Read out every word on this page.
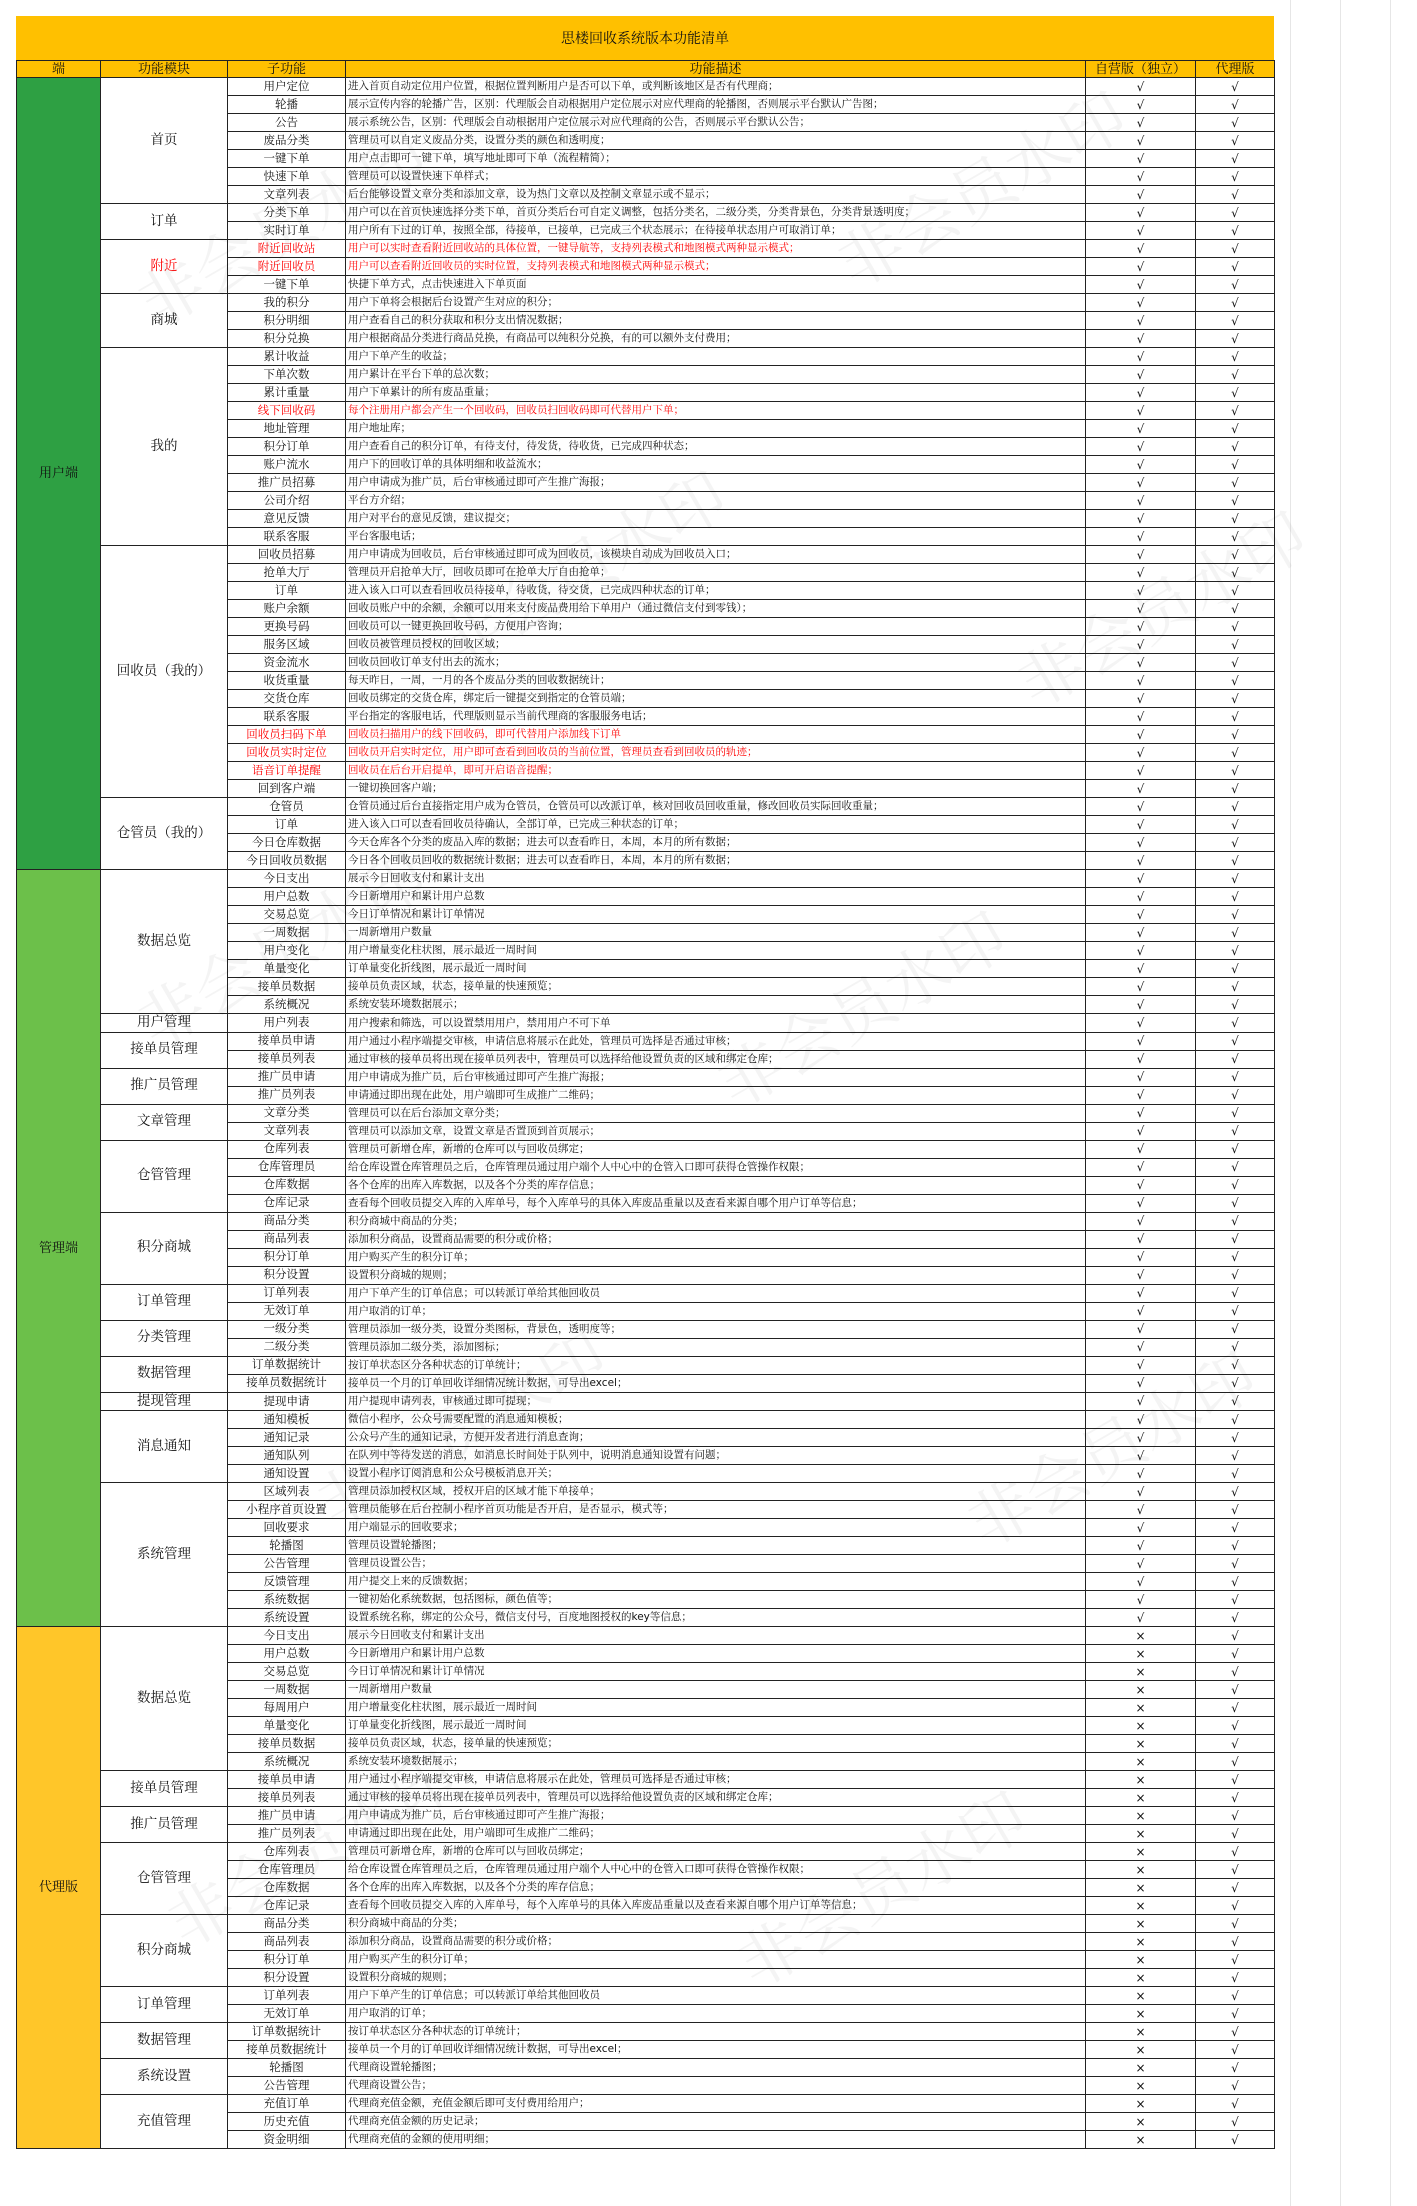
思楼回收系统版本功能清单
端	功能模块	子功能	功能描述	自营版（独立）	代理版
用户端	首页	用户定位	进入首页自动定位用户位置，根据位置判断用户是否可以下单，或判断该地区是否有代理商；	√	√
		轮播	展示宣传内容的轮播广告，区别：代理版会自动根据用户定位展示对应代理商的轮播图，否则展示平台默认广告图；	√	√
		公告	展示系统公告，区别：代理版会自动根据用户定位展示对应代理商的公告，否则展示平台默认公告；	√	√
		废品分类	管理员可以自定义废品分类，设置分类的颜色和透明度；	√	√
		一键下单	用户点击即可一键下单，填写地址即可下单（流程精简）；	√	√
		快速下单	管理员可以设置快速下单样式；	√	√
		文章列表	后台能够设置文章分类和添加文章，设为热门文章以及控制文章显示或不显示；	√	√
	订单	分类下单	用户可以在首页快速选择分类下单，首页分类后台可自定义调整，包括分类名，二级分类，分类背景色，分类背景透明度；	√	√
		实时订单	用户所有下过的订单，按照全部，待接单，已接单，已完成三个状态展示；在待接单状态用户可取消订单；	√	√
	附近	附近回收站	用户可以实时查看附近回收站的具体位置，一键导航等，支持列表模式和地图模式两种显示模式；	√	√
		附近回收员	用户可以查看附近回收员的实时位置，支持列表模式和地图模式两种显示模式；	√	√
		一键下单	快捷下单方式，点击快速进入下单页面	√	√
	商城	我的积分	用户下单将会根据后台设置产生对应的积分；	√	√
		积分明细	用户查看自己的积分获取和积分支出情况数据；	√	√
		积分兑换	用户根据商品分类进行商品兑换，有商品可以纯积分兑换，有的可以额外支付费用；	√	√
	我的	累计收益	用户下单产生的收益；	√	√
		下单次数	用户累计在平台下单的总次数；	√	√
		累计重量	用户下单累计的所有废品重量；	√	√
		线下回收码	每个注册用户都会产生一个回收码，回收员扫回收码即可代替用户下单；	√	√
		地址管理	用户地址库；	√	√
		积分订单	用户查看自己的积分订单，有待支付，待发货，待收货，已完成四种状态；	√	√
		账户流水	用户下的回收订单的具体明细和收益流水；	√	√
		推广员招募	用户申请成为推广员，后台审核通过即可产生推广海报；	√	√
		公司介绍	平台方介绍；	√	√
		意见反馈	用户对平台的意见反馈，建议提交；	√	√
		联系客服	平台客服电话；	√	√
	回收员（我的）	回收员招募	用户申请成为回收员，后台审核通过即可成为回收员，该模块自动成为回收员入口；	√	√
		抢单大厅	管理员开启抢单大厅，回收员即可在抢单大厅自由抢单；	√	√
		订单	进入该入口可以查看回收员待接单，待收货，待交货，已完成四种状态的订单；	√	√
		账户余额	回收员账户中的余额，余额可以用来支付废品费用给下单用户（通过微信支付到零钱）；	√	√
		更换号码	回收员可以一键更换回收号码，方便用户咨询；	√	√
		服务区域	回收员被管理员授权的回收区域；	√	√
		资金流水	回收员回收订单支付出去的流水；	√	√
		收货重量	每天昨日，一周，一月的各个废品分类的回收数据统计；	√	√
		交货仓库	回收员绑定的交货仓库，绑定后一键提交到指定的仓管员端；	√	√
		联系客服	平台指定的客服电话，代理版则显示当前代理商的客服服务电话；	√	√
		回收员扫码下单	回收员扫描用户的线下回收码，即可代替用户添加线下订单	√	√
		回收员实时定位	回收员开启实时定位，用户即可查看到回收员的当前位置，管理员查看到回收员的轨迹；	√	√
		语音订单提醒	回收员在后台开启提单，即可开启语音提醒；	√	√
		回到客户端	一键切换回客户端；	√	√
	仓管员（我的）	仓管员	仓管员通过后台直接指定用户成为仓管员，仓管员可以改派订单，核对回收员回收重量，修改回收员实际回收重量；	√	√
		订单	进入该入口可以查看回收员待确认，全部订单，已完成三种状态的订单；	√	√
		今日仓库数据	今天仓库各个分类的废品入库的数据；进去可以查看昨日，本周，本月的所有数据；	√	√
		今日回收员数据	今日各个回收员回收的数据统计数据；进去可以查看昨日，本周，本月的所有数据；	√	√
管理端	数据总览	今日支出	展示今日回收支付和累计支出	√	√
		用户总数	今日新增用户和累计用户总数	√	√
		交易总览	今日订单情况和累计订单情况	√	√
		一周数据	一周新增用户数量	√	√
		用户变化	用户增量变化柱状图，展示最近一周时间	√	√
		单量变化	订单量变化折线图，展示最近一周时间	√	√
		接单员数据	接单员负责区域，状态，接单量的快速预览；	√	√
		系统概况	系统安装环境数据展示；	√	√
	用户管理	用户列表	用户搜索和筛选，可以设置禁用用户，禁用用户不可下单	√	√
	接单员管理	接单员申请	用户通过小程序端提交审核，申请信息将展示在此处，管理员可选择是否通过审核；	√	√
		接单员列表	通过审核的接单员将出现在接单员列表中，管理员可以选择给他设置负责的区域和绑定仓库；	√	√
	推广员管理	推广员申请	用户申请成为推广员，后台审核通过即可产生推广海报；	√	√
		推广员列表	申请通过即出现在此处，用户端即可生成推广二维码；	√	√
	文章管理	文章分类	管理员可以在后台添加文章分类；	√	√
		文章列表	管理员可以添加文章，设置文章是否置顶到首页展示；	√	√
	仓管管理	仓库列表	管理员可新增仓库，新增的仓库可以与回收员绑定；	√	√
		仓库管理员	给仓库设置仓库管理员之后，仓库管理员通过用户端个人中心中的仓管入口即可获得仓管操作权限；	√	√
		仓库数据	各个仓库的出库入库数据，以及各个分类的库存信息；	√	√
		仓库记录	查看每个回收员提交入库的入库单号，每个入库单号的具体入库废品重量以及查看来源自哪个用户订单等信息；	√	√
	积分商城	商品分类	积分商城中商品的分类；	√	√
		商品列表	添加积分商品，设置商品需要的积分或价格；	√	√
		积分订单	用户购买产生的积分订单；	√	√
		积分设置	设置积分商城的规则；	√	√
	订单管理	订单列表	用户下单产生的订单信息；可以转派订单给其他回收员	√	√
		无效订单	用户取消的订单；	√	√
	分类管理	一级分类	管理员添加一级分类，设置分类图标，背景色，透明度等；	√	√
		二级分类	管理员添加二级分类，添加图标；	√	√
	数据管理	订单数据统计	按订单状态区分各种状态的订单统计；	√	√
		接单员数据统计	接单员一个月的订单回收详细情况统计数据，可导出excel；	√	√
	提现管理	提现申请	用户提现申请列表，审核通过即可提现；	√	√
	消息通知	通知模板	微信小程序，公众号需要配置的消息通知模板；	√	√
		通知记录	公众号产生的通知记录，方便开发者进行消息查询；	√	√
		通知队列	在队列中等待发送的消息，如消息长时间处于队列中，说明消息通知设置有问题；	√	√
		通知设置	设置小程序订阅消息和公众号模板消息开关；	√	√
	系统管理	区域列表	管理员添加授权区域，授权开启的区域才能下单接单；	√	√
		小程序首页设置	管理员能够在后台控制小程序首页功能是否开启，是否显示，模式等；	√	√
		回收要求	用户端显示的回收要求；	√	√
		轮播图	管理员设置轮播图；	√	√
		公告管理	管理员设置公告；	√	√
		反馈管理	用户提交上来的反馈数据；	√	√
		系统数据	一键初始化系统数据，包括图标，颜色值等；	√	√
		系统设置	设置系统名称，绑定的公众号，微信支付号，百度地图授权的key等信息；	√	√
代理版	数据总览	今日支出	展示今日回收支付和累计支出	×	√
		用户总数	今日新增用户和累计用户总数	×	√
		交易总览	今日订单情况和累计订单情况	×	√
		一周数据	一周新增用户数量	×	√
		每周用户	用户增量变化柱状图，展示最近一周时间	×	√
		单量变化	订单量变化折线图，展示最近一周时间	×	√
		接单员数据	接单员负责区域，状态，接单量的快速预览；	×	√
		系统概况	系统安装环境数据展示；	×	√
	接单员管理	接单员申请	用户通过小程序端提交审核，申请信息将展示在此处，管理员可选择是否通过审核；	×	√
		接单员列表	通过审核的接单员将出现在接单员列表中，管理员可以选择给他设置负责的区域和绑定仓库；	×	√
	推广员管理	推广员申请	用户申请成为推广员，后台审核通过即可产生推广海报；	×	√
		推广员列表	申请通过即出现在此处，用户端即可生成推广二维码；	×	√
	仓管管理	仓库列表	管理员可新增仓库，新增的仓库可以与回收员绑定；	×	√
		仓库管理员	给仓库设置仓库管理员之后，仓库管理员通过用户端个人中心中的仓管入口即可获得仓管操作权限；	×	√
		仓库数据	各个仓库的出库入库数据，以及各个分类的库存信息；	×	√
		仓库记录	查看每个回收员提交入库的入库单号，每个入库单号的具体入库废品重量以及查看来源自哪个用户订单等信息；	×	√
	积分商城	商品分类	积分商城中商品的分类；	×	√
		商品列表	添加积分商品，设置商品需要的积分或价格；	×	√
		积分订单	用户购买产生的积分订单；	×	√
		积分设置	设置积分商城的规则；	×	√
	订单管理	订单列表	用户下单产生的订单信息；可以转派订单给其他回收员	×	√
		无效订单	用户取消的订单；	×	√
	数据管理	订单数据统计	按订单状态区分各种状态的订单统计；	×	√
		接单员数据统计	接单员一个月的订单回收详细情况统计数据，可导出excel；	×	√
	系统设置	轮播图	代理商设置轮播图；	×	√
		公告管理	代理商设置公告；	×	√
	充值管理	充值订单	代理商充值金额，充值金额后即可支付费用给用户；	×	√
		历史充值	代理商充值金额的历史记录；	×	√
		资金明细	代理商充值的金额的使用明细；	×	√
